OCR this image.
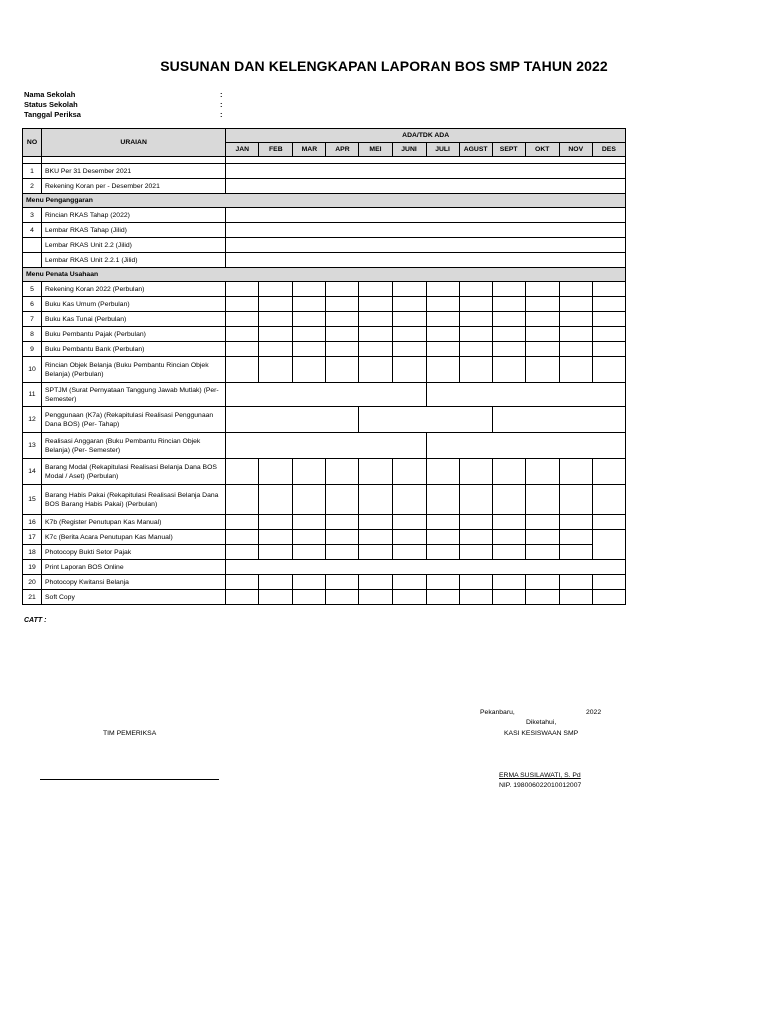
SUSUNAN DAN KELENGKAPAN LAPORAN BOS SMP TAHUN 2022
Nama Sekolah	:
Status Sekolah	:
Tanggal Periksa	:
NO	URAIAN	ADA/TDK ADA											
		JAN	FEB	MAR	APR	MEI	JUNI	JULI	AGUST	SEPT	OKT	NOV	DES

1	BKU Per 31 Desember 2021												
2	Rekening Koran per - Desember 2021												
Menu Penganggaran													
3	Rincian RKAS Tahap (2022)												
4	Lembar RKAS Tahap (Jilid)												
	Lembar RKAS Unit 2.2 (Jilid)												
	Lembar RKAS Unit 2.2.1 (Jilid)												
Menu Penata Usahaan													
5	Rekening Koran 2022 (Perbulan)												
6	Buku Kas Umum (Perbulan)												
7	Buku Kas Tunai (Perbulan)												
8	Buku Pembantu Pajak (Perbulan)												
9	Buku Pembantu Bank (Perbulan)												
10	Rincian Objek Belanja (Buku Pembantu Rincian Objek Belanja) (Perbulan)												
11	SPTJM (Surat Pernyataan Tanggung Jawab Mutlak) (Per- Semester)												
12	Penggunaan (K7a) (Rekapitulasi Realisasi Penggunaan Dana BOS) (Per- Tahap)												
13	Realisasi Anggaran (Buku Pembantu Rincian Objek Belanja) (Per- Semester)												
14	Barang Modal (Rekapitulasi Realisasi Belanja Dana BOS Modal / Aset) (Perbulan)												
15	Barang Habis Pakai (Rekapitulasi Realisasi Belanja Dana BOS Barang Habis Pakai) (Perbulan)												
16	K7b (Register Penutupan Kas Manual)												
17	K7c (Berita Acara Penutupan Kas Manual)												
18	Photocopy Bukti Setor Pajak												
19	Print Laporan BOS Online												
20	Photocopy Kwitansi Belanja												
21	Soft Copy												
CATT :
Pekanbaru,	2022
Diketahui,
TIM PEMERIKSA	KASI KESISWAAN SMP
ERMA SUSILAWATI, S. Pd
NIP. 198006022010012007
